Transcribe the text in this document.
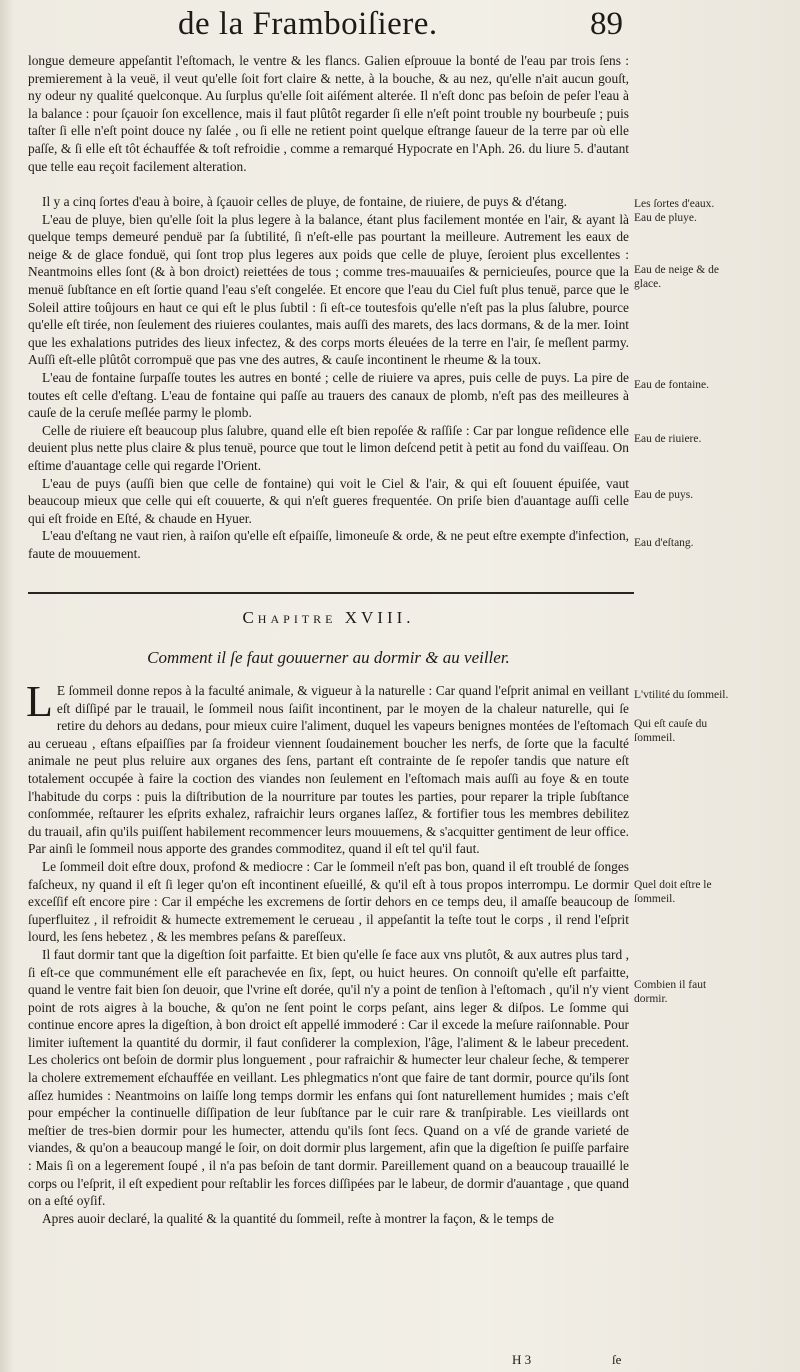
de la Framboiſiere.	89

longue demeure appeſantit l'eſtomach, le ventre & les flancs. Galien eſprouue la bonté de l'eau par trois ſens : premierement à la veuë, il veut qu'elle ſoit fort claire & nette, à la bouche, & au nez, qu'elle n'ait aucun gouſt, ny odeur ny qualité quelconque. Au ſurplus qu'elle ſoit aiſément alterée. Il n'eſt donc pas beſoin de peſer l'eau à la balance : pour ſçauoir ſon excellence, mais il faut plûtôt regarder ſi elle n'eſt point trouble ny bourbeuſe ; puis taſter ſi elle n'eſt point douce ny ſalée , ou ſi elle ne retient point quelque eſtrange ſaueur de la terre par où elle paſſe, & ſi elle eſt tôt échauffée & toſt refroidie , comme a remarqué Hypocrate en l'Aph. 26. du liure 5. d'autant que telle eau reçoit facilement alteration.

Il y a cinq ſortes d'eau à boire, à ſçauoir celles de pluye, de fontaine, de riuiere, de puys & d'étang.

L'eau de pluye, bien qu'elle ſoit la plus legere à la balance, étant plus facilement montée en l'air, & ayant là quelque temps demeuré penduë par ſa ſubtilité, ſi n'eſt-elle pas pourtant la meilleure. Autrement les eaux de neige & de glace fonduë, qui ſont trop plus legeres aux poids que celle de pluye, ſeroient plus excellentes : Neantmoins elles ſont (& à bon droict) reiettées de tous ; comme tres-mauuaiſes & pernicieuſes, pource que la menuë ſubſtance en eſt ſortie quand l'eau s'eſt congelée. Et encore que l'eau du Ciel fuſt plus tenuë, parce que le Soleil attire toûjours en haut ce qui eſt le plus ſubtil : ſi eſt-ce toutesfois qu'elle n'eſt pas la plus ſalubre, pource qu'elle eſt tirée, non ſeulement des riuieres coulantes, mais auſſi des marets, des lacs dormans, & de la mer. Ioint que les exhalations putrides des lieux infectez, & des corps morts éleuées de la terre en l'air, ſe meſlent parmy. Auſſi eſt-elle plûtôt corrompuë que pas vne des autres, & cauſe incontinent le rheume & la toux.

L'eau de fontaine ſurpaſſe toutes les autres en bonté ; celle de riuiere va apres, puis celle de puys. La pire de toutes eſt celle d'eſtang. L'eau de fontaine qui paſſe au trauers des canaux de plomb, n'eſt pas des meilleures à cauſe de la ceruſe meſlée parmy le plomb.

Celle de riuiere eſt beaucoup plus ſalubre, quand elle eſt bien repoſée & raſſiſe : Car par longue reſidence elle deuient plus nette plus claire & plus tenuë, pource que tout le limon deſcend petit à petit au fond du vaiſſeau. On eſtime d'auantage celle qui regarde l'Orient.

L'eau de puys (auſſi bien que celle de fontaine) qui voit le Ciel & l'air, & qui eſt ſouuent épuiſée, vaut beaucoup mieux que celle qui eſt couuerte, & qui n'eſt gueres frequentée. On priſe bien d'auantage auſſi celle qui eſt froide en Eſté, & chaude en Hyuer.

L'eau d'eſtang ne vaut rien, à raiſon qu'elle eſt eſpaiſſe, limoneuſe & orde, & ne peut eſtre exempte d'infection, faute de mouuement.

Chapitre XVIII.
Comment il ſe faut gouuerner au dormir & au veiller.

L E ſommeil donne repos à la faculté animale, & vigueur à la naturelle : Car quand l'eſprit animal en veillant eſt diſſipé par le trauail, le ſommeil nous ſaiſit incontinent, par le moyen de la chaleur naturelle, qui ſe retire du dehors au dedans, pour mieux cuire l'aliment, duquel les vapeurs benignes montées de l'eſtomach au cerueau , eſtans eſpaiſſies par ſa froideur viennent ſoudainement boucher les nerfs, de ſorte que la faculté animale ne peut plus reluire aux organes des ſens, partant eſt contrainte de ſe repoſer tandis que nature eſt totalement occupée à faire la coction des viandes non ſeulement en l'eſtomach mais auſſi au foye & en toute l'habitude du corps : puis la diſtribution de la nourriture par toutes les parties, pour reparer la triple ſubſtance conſommée, reſtaurer les eſprits exhalez, rafraichir leurs organes laſſez, & fortifier tous les membres debilitez du trauail, afin qu'ils puiſſent habilement recommencer leurs mouuemens, & s'acquitter gentiment de leur office. Par ainſi le ſommeil nous apporte des grandes commoditez, quand il eſt tel qu'il faut.

Le ſommeil doit eſtre doux, profond & mediocre : Car le ſommeil n'eſt pas bon, quand il eſt troublé de ſonges faſcheux, ny quand il eſt ſi leger qu'on eſt incontinent eſueillé, & qu'il eſt à tous propos interrompu. Le dormir exceſſif eſt encore pire : Car il empéche les excremens de ſortir dehors en ce temps deu, il amaſſe beaucoup de ſuperfluitez , il refroidit & humecte extremement le cerueau , il appeſantit la teſte tout le corps , il rend l'eſprit lourd, les ſens hebetez , & les membres peſans & pareſſeux.

Il faut dormir tant que la digeſtion ſoit parfaitte. Et bien qu'elle ſe face aux vns plutôt, & aux autres plus tard , ſi eſt-ce que communément elle eſt parachevée en ſix, ſept, ou huict heures. On connoiſt qu'elle eſt parfaitte, quand le ventre fait bien ſon deuoir, que l'vrine eſt dorée, qu'il n'y a point de tenſion à l'eſtomach , qu'il n'y vient point de rots aigres à la bouche, & qu'on ne ſent point le corps peſant, ains leger & diſpos. Le ſomme qui continue encore apres la digeſtion, à bon droict eſt appellé immoderé : Car il excede la meſure raiſonnable. Pour limiter iuſtement la quantité du dormir, il faut conſiderer la complexion, l'âge, l'aliment & le labeur precedent. Les cholerics ont beſoin de dormir plus longuement , pour rafraichir & humecter leur chaleur ſeche, & temperer la cholere extremement eſchauffée en veillant. Les phlegmatics n'ont que faire de tant dormir, pource qu'ils ſont aſſez humides : Neantmoins on laiſſe long temps dormir les enfans qui ſont naturellement humides ; mais c'eſt pour empécher la continuelle diſſipation de leur ſubſtance par le cuir rare & tranſpirable. Les vieillards ont meſtier de tres-bien dormir pour les humecter, attendu qu'ils ſont ſecs. Quand on a vſé de grande varieté de viandes, & qu'on a beaucoup mangé le ſoir, on doit dormir plus largement, afin que la digeſtion ſe puiſſe parfaire : Mais ſi on a legerement ſoupé , il n'a pas beſoin de tant dormir. Pareillement quand on a beaucoup trauaillé le corps ou l'eſprit, il eſt expedient pour reſtablir les forces diſſipées par le labeur, de dormir d'auantage , que quand on a eſté oyſif.

Apres auoir declaré, la qualité & la quantité du ſommeil, reſte à montrer la façon, & le temps de

Les ſortes d'eaux.
Eau de pluye.
Eau de neige & de glace.
Eau de fontaine.
Eau de riuiere.
Eau de puys.
Eau d'eſtang.
L'vtilité du ſommeil.
Qui eſt cauſe du ſommeil.
Quel doit eſtre le ſommeil.
Combien il faut dormir.
H 3	ſe
